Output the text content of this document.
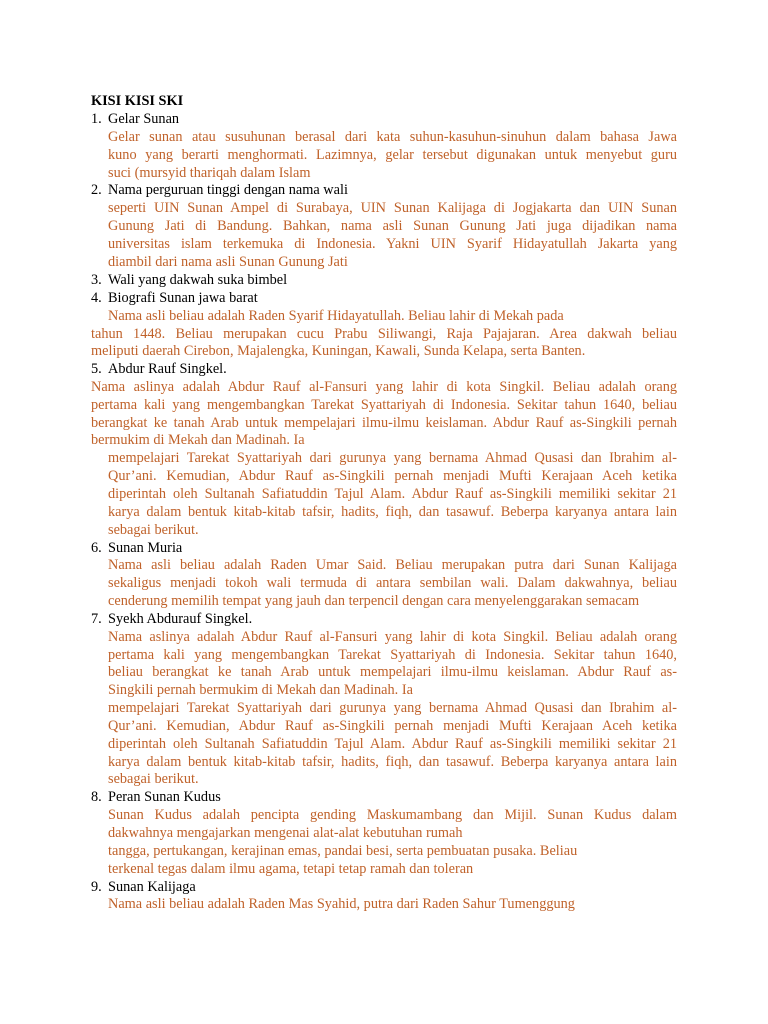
KISI KISI SKI
1. Gelar Sunan
Gelar sunan atau susuhunan berasal dari kata suhun-kasuhun-sinuhun dalam bahasa Jawa
kuno yang berarti menghormati. Lazimnya, gelar tersebut digunakan untuk menyebut guru
suci (mursyid thariqah dalam Islam
2. Nama perguruan tinggi dengan nama wali
seperti UIN Sunan Ampel di Surabaya, UIN Sunan Kalijaga di Jogjakarta dan UIN Sunan
Gunung Jati di Bandung. Bahkan, nama asli Sunan Gunung Jati juga dijadikan nama
universitas islam terkemuka di Indonesia. Yakni UIN Syarif Hidayatullah Jakarta yang
diambil dari nama asli Sunan Gunung Jati
3. Wali yang dakwah suka bimbel
4. Biografi Sunan jawa barat
Nama asli beliau adalah Raden Syarif Hidayatullah. Beliau lahir di Mekah pada
tahun 1448. Beliau merupakan cucu Prabu Siliwangi, Raja Pajajaran. Area dakwah beliau
meliputi daerah Cirebon, Majalengka, Kuningan, Kawali, Sunda Kelapa, serta Banten.
5. Abdur Rauf Singkel.
Nama aslinya adalah Abdur Rauf al-Fansuri yang lahir di kota Singkil. Beliau adalah orang
pertama kali yang mengembangkan Tarekat Syattariyah di Indonesia. Sekitar tahun 1640, beliau
berangkat ke tanah Arab untuk mempelajari ilmu-ilmu keislaman. Abdur Rauf as-Singkili pernah
bermukim di Mekah dan Madinah. Ia
mempelajari Tarekat Syattariyah dari gurunya yang bernama Ahmad Qusasi dan Ibrahim al-
Qur’ani. Kemudian, Abdur Rauf as-Singkili pernah menjadi Mufti Kerajaan Aceh ketika
diperintah oleh Sultanah Safiatuddin Tajul Alam. Abdur Rauf as-Singkili memiliki sekitar 21
karya dalam bentuk kitab-kitab tafsir, hadits, fiqh, dan tasawuf. Beberpa karyanya antara lain
sebagai berikut.
6. Sunan Muria
Nama asli beliau adalah Raden Umar Said. Beliau merupakan putra dari Sunan Kalijaga
sekaligus menjadi tokoh wali termuda di antara sembilan wali. Dalam dakwahnya, beliau
cenderung memilih tempat yang jauh dan terpencil dengan cara menyelenggarakan semacam
7. Syekh Abdurauf Singkel.
Nama aslinya adalah Abdur Rauf al-Fansuri yang lahir di kota Singkil. Beliau adalah orang
pertama kali yang mengembangkan Tarekat Syattariyah di Indonesia. Sekitar tahun 1640,
beliau berangkat ke tanah Arab untuk mempelajari ilmu-ilmu keislaman. Abdur Rauf as-
Singkili pernah bermukim di Mekah dan Madinah. Ia
mempelajari Tarekat Syattariyah dari gurunya yang bernama Ahmad Qusasi dan Ibrahim al-
Qur’ani. Kemudian, Abdur Rauf as-Singkili pernah menjadi Mufti Kerajaan Aceh ketika
diperintah oleh Sultanah Safiatuddin Tajul Alam. Abdur Rauf as-Singkili memiliki sekitar 21
karya dalam bentuk kitab-kitab tafsir, hadits, fiqh, dan tasawuf. Beberpa karyanya antara lain
sebagai berikut.
8. Peran Sunan Kudus
Sunan Kudus adalah pencipta gending Maskumambang dan Mijil. Sunan Kudus dalam
dakwahnya mengajarkan mengenai alat-alat kebutuhan rumah
tangga, pertukangan, kerajinan emas, pandai besi, serta pembuatan pusaka. Beliau
terkenal tegas dalam ilmu agama, tetapi tetap ramah dan toleran
9. Sunan Kalijaga
Nama asli beliau adalah Raden Mas Syahid, putra dari Raden Sahur Tumenggung
